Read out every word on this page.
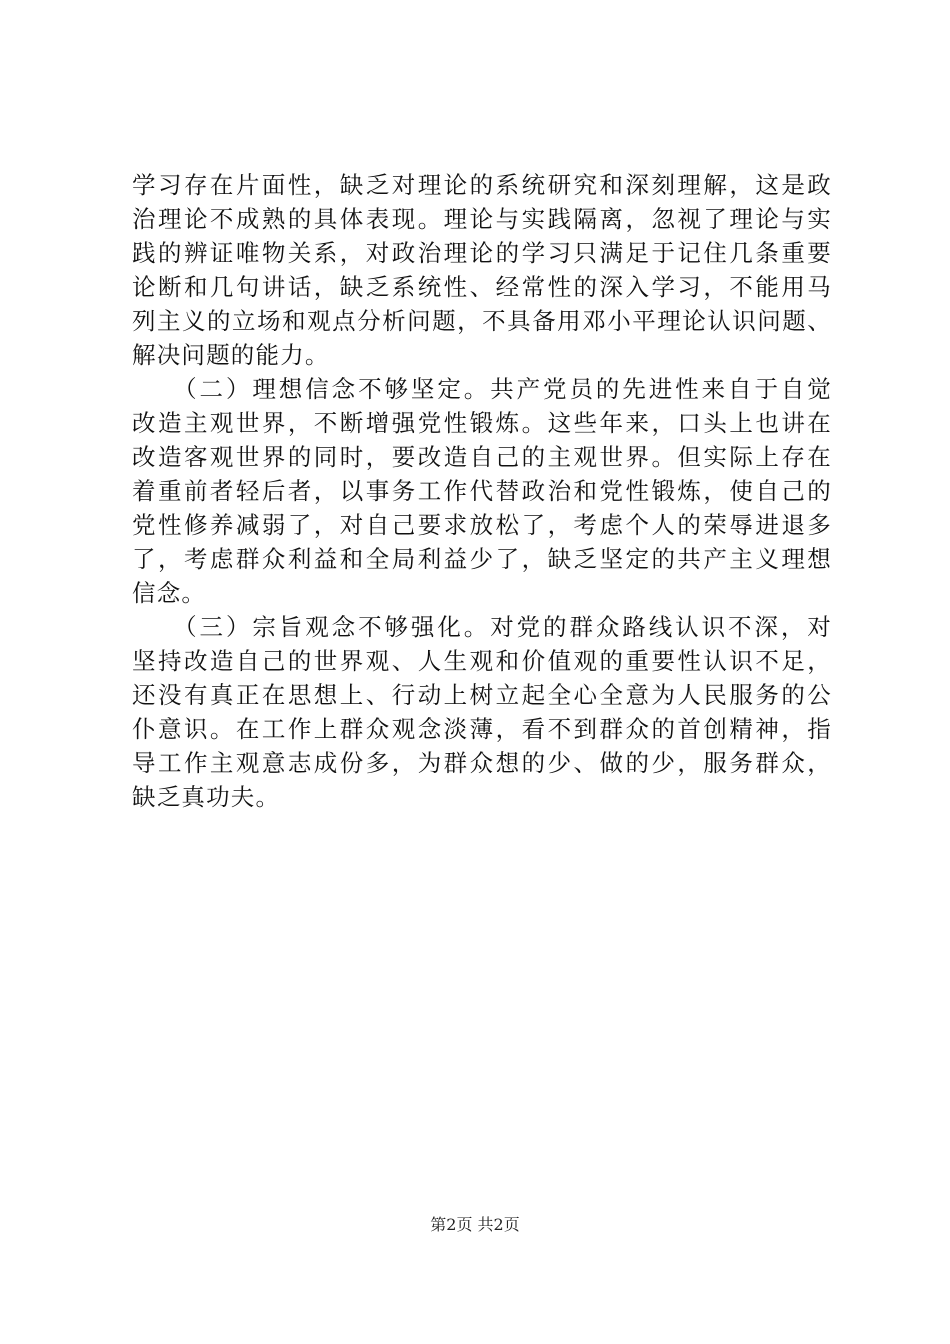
学习存在片面性，缺乏对理论的系统研究和深刻理解，这是政
治理论不成熟的具体表现。理论与实践隔离，忽视了理论与实
践的辨证唯物关系，对政治理论的学习只满足于记住几条重要
论断和几句讲话，缺乏系统性、经常性的深入学习，不能用马
列主义的立场和观点分析问题，不具备用邓小平理论认识问题、
解决问题的能力。
　　（二）理想信念不够坚定。共产党员的先进性来自于自觉
改造主观世界，不断增强党性锻炼。这些年来，口头上也讲在
改造客观世界的同时，要改造自己的主观世界。但实际上存在
着重前者轻后者，以事务工作代替政治和党性锻炼，使自己的
党性修养减弱了，对自己要求放松了，考虑个人的荣辱进退多
了，考虑群众利益和全局利益少了，缺乏坚定的共产主义理想
信念。
　　（三）宗旨观念不够强化。对党的群众路线认识不深，对
坚持改造自己的世界观、人生观和价值观的重要性认识不足，
还没有真正在思想上、行动上树立起全心全意为人民服务的公
仆意识。在工作上群众观念淡薄，看不到群众的首创精神，指
导工作主观意志成份多，为群众想的少、做的少，服务群众，
缺乏真功夫。
第2页 共2页
